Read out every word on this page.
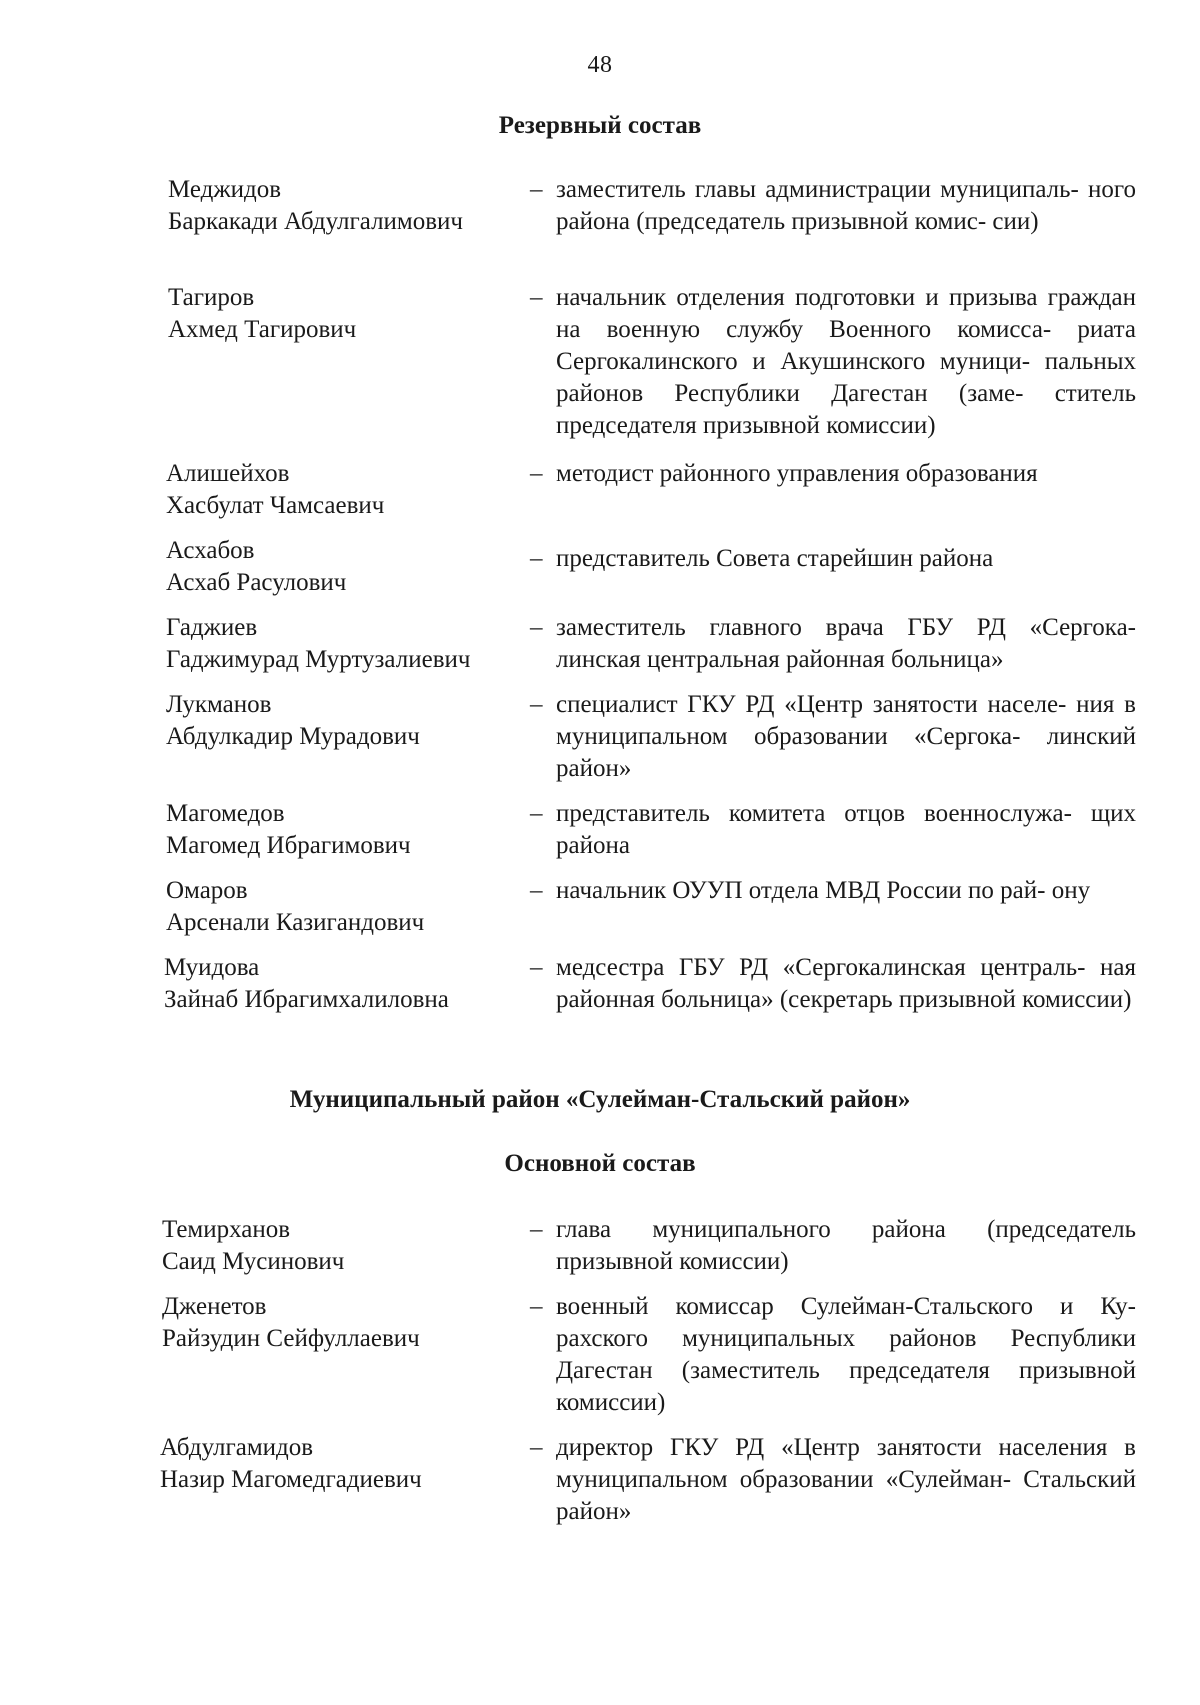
48
Резервный состав
Меджидов
Баркакади Абдулгалимович
– заместитель главы администрации муниципаль- ного района (председатель призывной комис- сии)
Тагиров
Ахмед Тагирович
– начальник отделения подготовки и призыва граждан на военную службу Военного комисса- риата Сергокалинского и Акушинского муници- пальных районов Республики Дагестан (заме- ститель председателя призывной комиссии)
Алишейхов
Хасбулат Чамсаевич
– методист районного управления образования
Асхабов
Асхаб Расулович
– представитель Совета старейшин района
Гаджиев
Гаджимурад Муртузалиевич
– заместитель главного врача ГБУ РД «Сергока- линская центральная районная больница»
Лукманов
Абдулкадир Мурадович
– специалист ГКУ РД «Центр занятости населе- ния в муниципальном образовании «Сергока- линский район»
Магомедов
Магомед Ибрагимович
– представитель комитета отцов военнослужа- щих района
Омаров
Арсенали Казигандович
– начальник ОУУП отдела МВД России по рай- ону
Муидова
Зайнаб Ибрагимхалиловна
– медсестра ГБУ РД «Сергокалинская централь- ная районная больница» (секретарь призывной комиссии)
Муниципальный район «Сулейман-Стальский район»
Основной состав
Темирханов
Саид Мусинович
– глава муниципального района (председатель призывной комиссии)
Дженетов
Райзудин Сейфуллаевич
– военный комиссар Сулейман-Стальского и Ку- рахского муниципальных районов Республики Дагестан (заместитель председателя призывной комиссии)
Абдулгамидов
Назир Магомедгадиевич
– директор ГКУ РД «Центр занятости населения в муниципальном образовании «Сулейман- Стальский район»
